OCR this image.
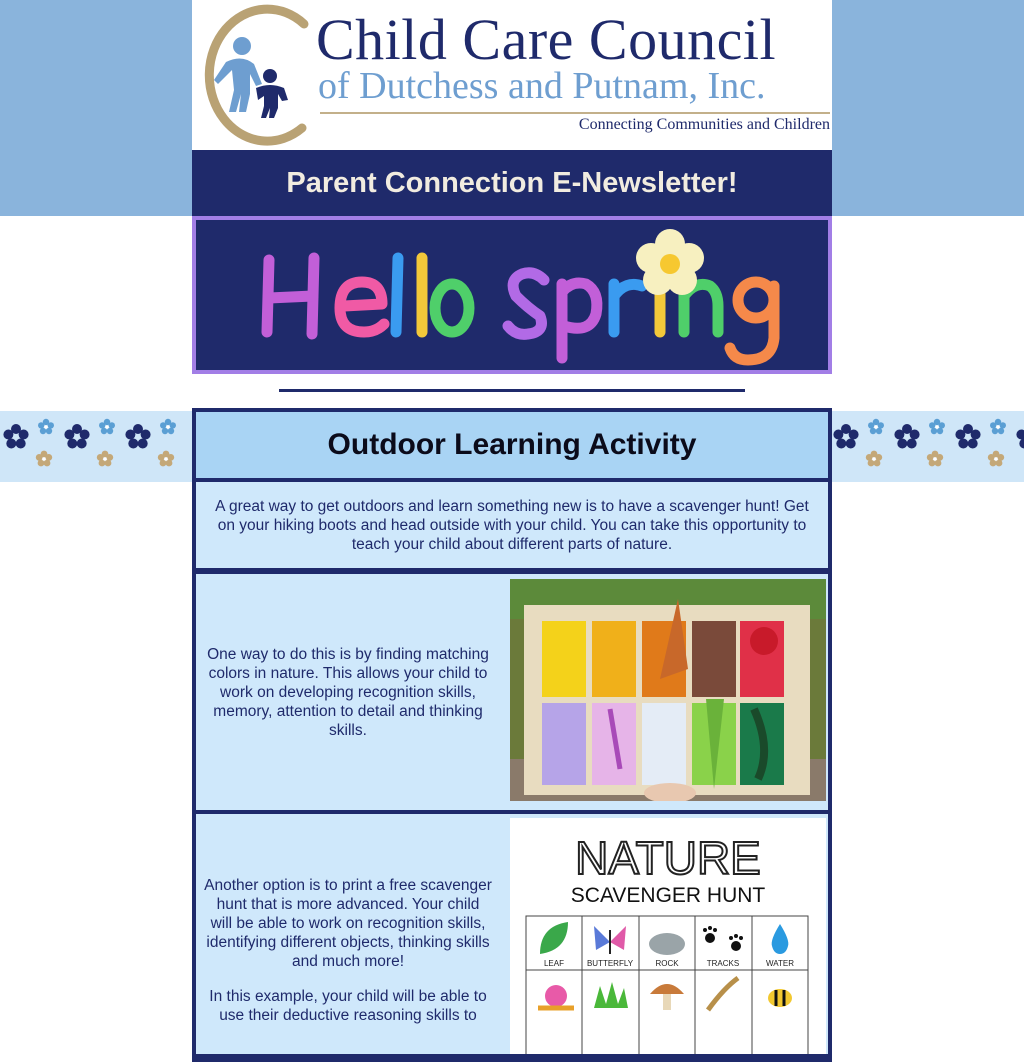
Child Care Council
of Dutchess and Putnam, Inc.
Connecting Communities and Children
Parent Connection E-Newsletter!
Outdoor Learning Activity
A great way to get outdoors and learn something new is to have a scavenger hunt! Get on your hiking boots and head outside with your child. You can take this opportunity to teach your child about different parts of nature.
One way to do this is by finding matching colors in nature. This allows your child to work on developing recognition skills, memory, attention to detail and thinking skills.

Another option is to print a free scavenger hunt that is more advanced. Your child will be able to work on recognition skills, identifying different objects, thinking skills and much more!

In this example, your child will be able to use their deductive reasoning skills to

NATURE
SCAVENGER HUNT
LEAF	BUTTERFLY	ROCK	TRACKS	WATER
